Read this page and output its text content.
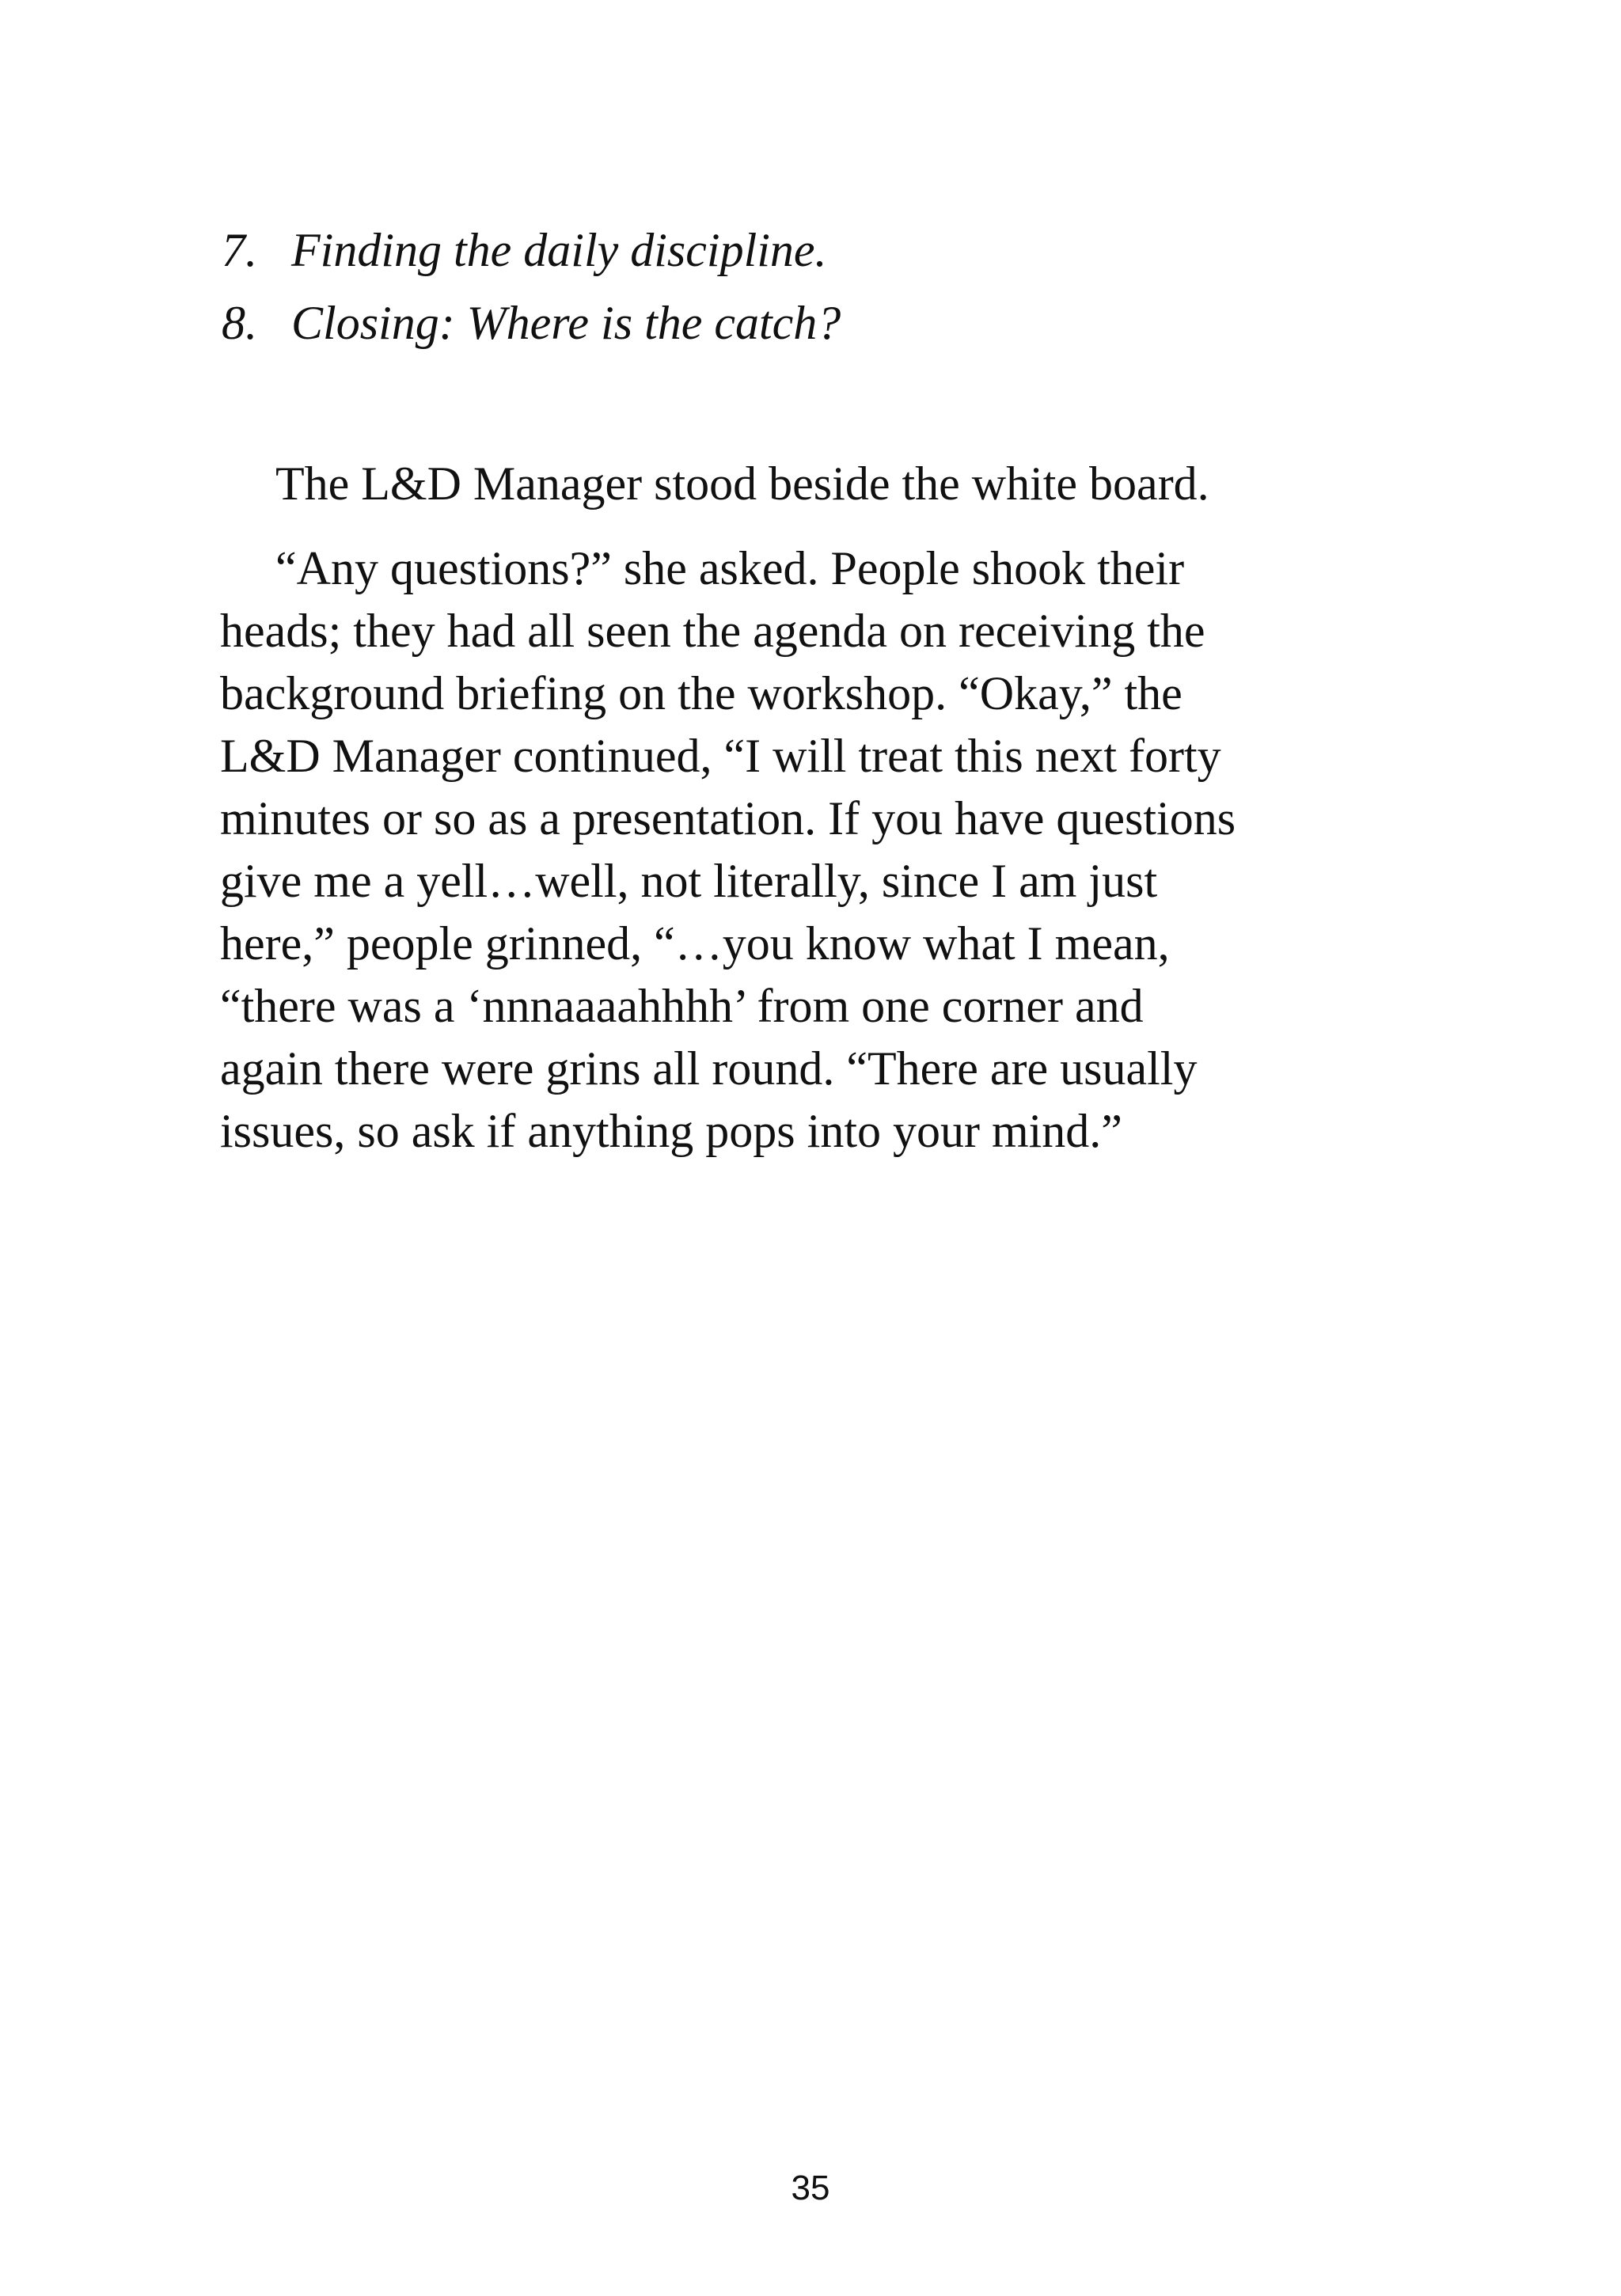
7. Finding the daily discipline.
8. Closing: Where is the catch?

The L&D Manager stood beside the white board.

“Any questions?” she asked. People shook their
heads; they had all seen the agenda on receiving the
background briefing on the workshop. “Okay,” the
L&D Manager continued, “I will treat this next forty
minutes or so as a presentation. If you have questions
give me a yell…well, not literally, since I am just
here,” people grinned, “…you know what I mean,
“there was a ‘nnnaaaahhhh’ from one corner and
again there were grins all round. “There are usually
issues, so ask if anything pops into your mind.”
35
